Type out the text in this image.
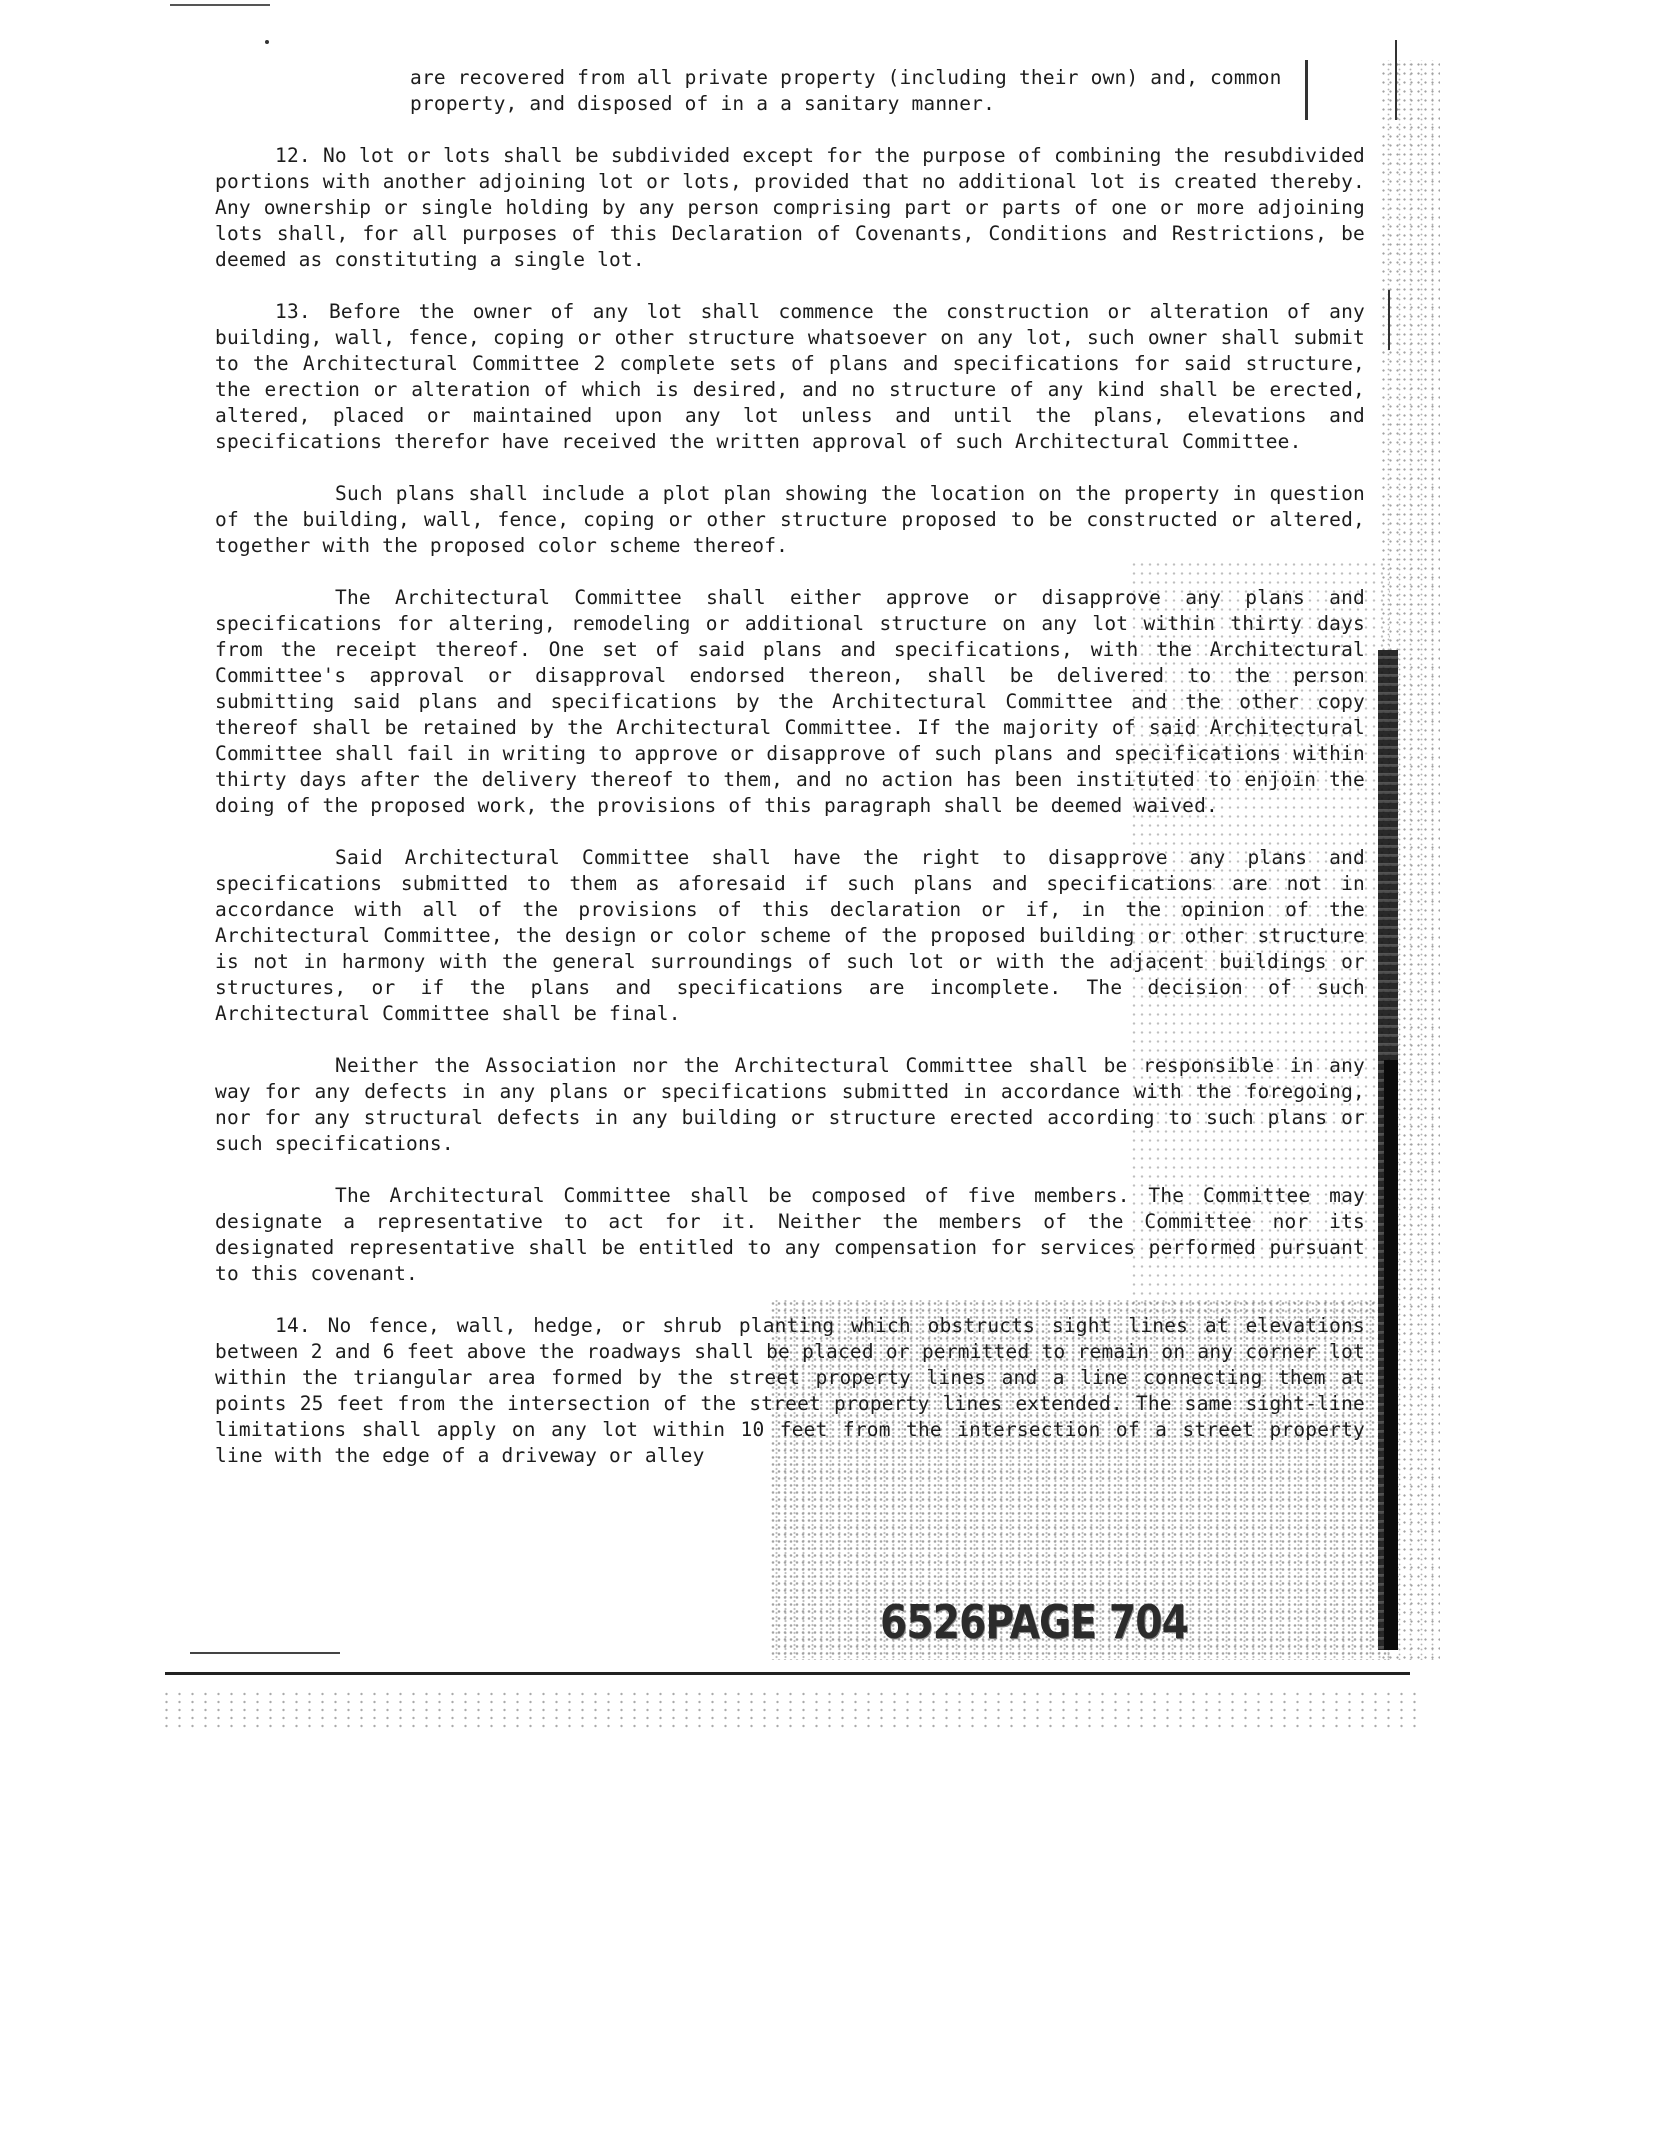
are recovered from all private property (including their own) and, common property, and disposed of in a a sanitary manner.

12. No lot or lots shall be subdivided except for the purpose of combining the resubdivided portions with another adjoining lot or lots, provided that no additional lot is created thereby. Any ownership or single holding by any person comprising part or parts of one or more adjoining lots shall, for all purposes of this Declaration of Covenants, Conditions and Restrictions, be deemed as constituting a single lot.

13. Before the owner of any lot shall commence the construction or alteration of any building, wall, fence, coping or other structure whatsoever on any lot, such owner shall submit to the Architectural Committee 2 complete sets of plans and specifications for said structure, the erection or alteration of which is desired, and no structure of any kind shall be erected, altered, placed or maintained upon any lot unless and until the plans, elevations and specifications therefor have received the written approval of such Architectural Committee.

Such plans shall include a plot plan showing the location on the property in question of the building, wall, fence, coping or other structure proposed to be constructed or altered, together with the proposed color scheme thereof.

The Architectural Committee shall either approve or disapprove any plans and specifications for altering, remodeling or additional structure on any lot within thirty days from the receipt thereof. One set of said plans and specifications, with the Architectural Committee's approval or disapproval endorsed thereon, shall be delivered to the person submitting said plans and specifications by the Architectural Committee and the other copy thereof shall be retained by the Architectural Committee. If the majority of said Architectural Committee shall fail in writing to approve or disapprove of such plans and specifications within thirty days after the delivery thereof to them, and no action has been instituted to enjoin the doing of the proposed work, the provisions of this paragraph shall be deemed waived.

Said Architectural Committee shall have the right to disapprove any plans and specifications submitted to them as aforesaid if such plans and specifications are not in accordance with all of the provisions of this declaration or if, in the opinion of the Architectural Committee, the design or color scheme of the proposed building or other structure is not in harmony with the general surroundings of such lot or with the adjacent buildings or structures, or if the plans and specifications are incomplete. The decision of such Architectural Committee shall be final.

Neither the Association nor the Architectural Committee shall be responsible in any way for any defects in any plans or specifications submitted in accordance with the foregoing, nor for any structural defects in any building or structure erected according to such plans or such specifications.

The Architectural Committee shall be composed of five members. The Committee may designate a representative to act for it. Neither the members of the Committee nor its designated representative shall be entitled to any compensation for services performed pursuant to this covenant.

14. No fence, wall, hedge, or shrub planting which obstructs sight lines at elevations between 2 and 6 feet above the roadways shall be placed or permitted to remain on any corner lot within the triangular area formed by the street property lines and a line connecting them at points 25 feet from the intersection of the street property lines extended. The same sight-line limitations shall apply on any lot within 10 feet from the intersection of a street property line with the edge of a driveway or alley

6526PAGE 704
